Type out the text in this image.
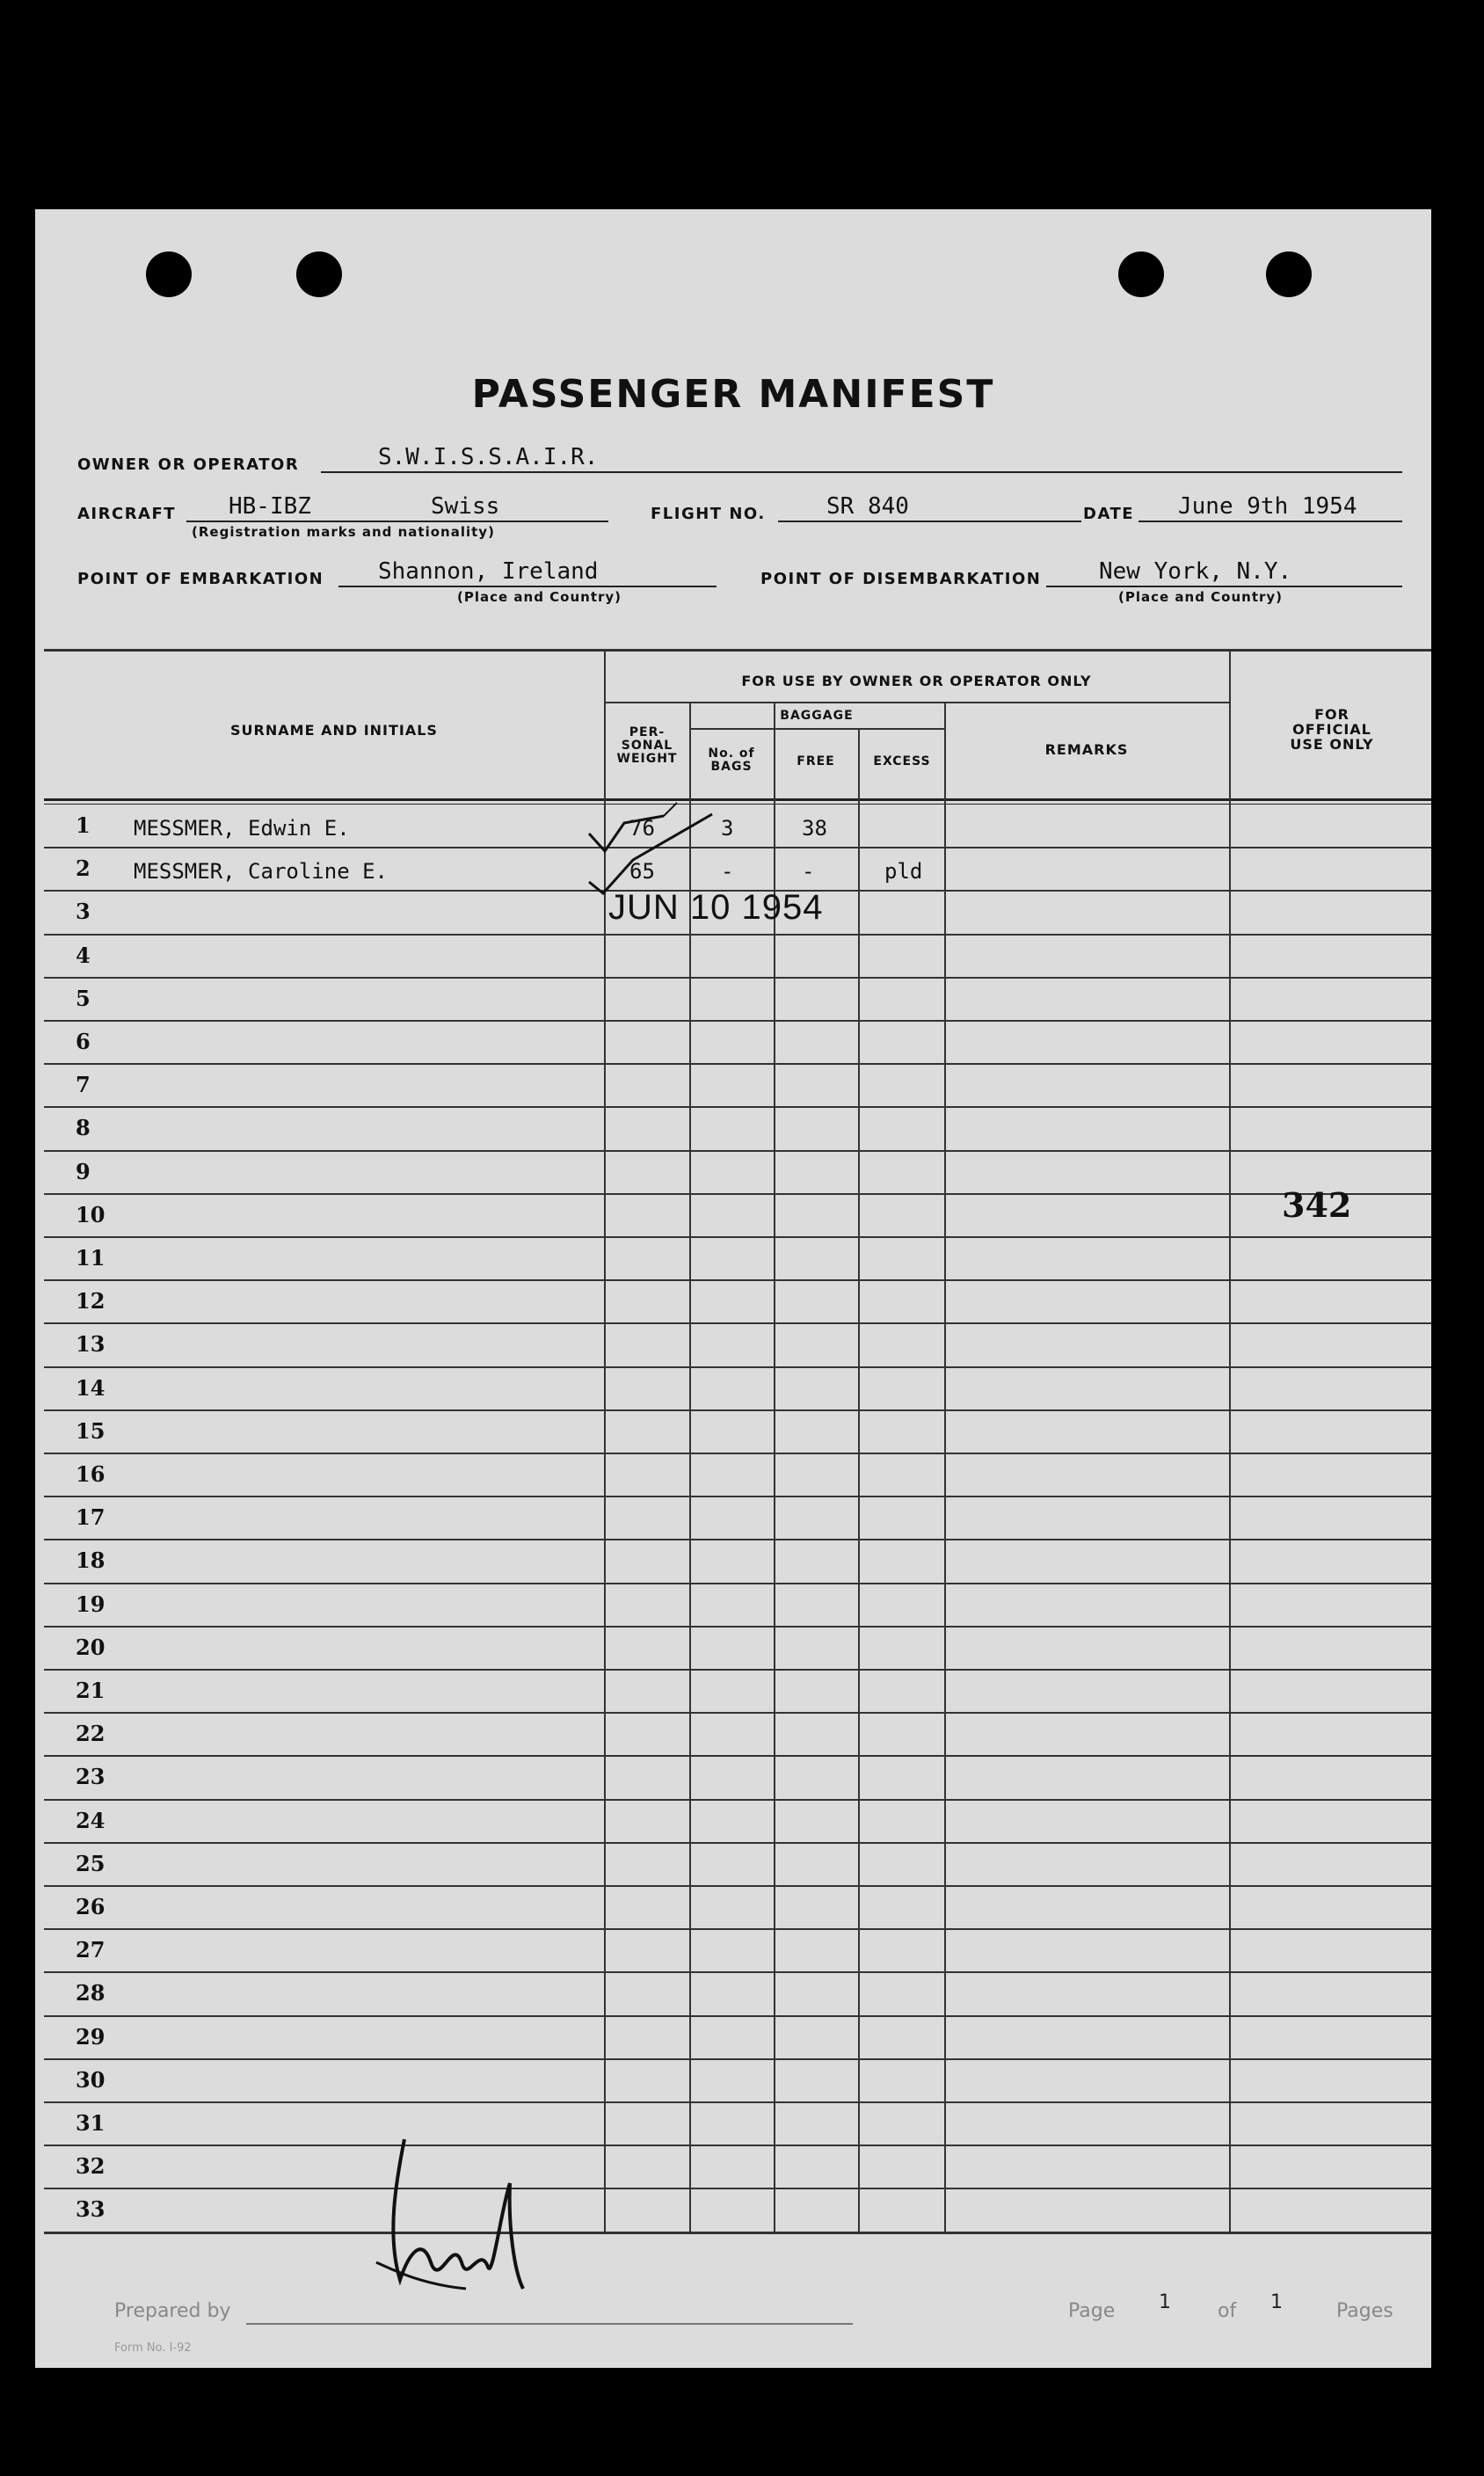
PASSENGER MANIFEST
OWNER OR OPERATOR	S.W.I.S.S.A.I.R.
AIRCRAFT HB-IBZ	Swiss
(Registration marks and nationality)
FLIGHT NO.	SR 840	DATE June 9th 1954
POINT OF EMBARKATION Shannon, Ireland
(Place and Country)
POINT OF DISEMBARKATION	New York, N.Y.
(Place and Country)
SURNAME AND INITIALS
FOR USE BY OWNER OR OPERATOR ONLY
PER-SONAL WEIGHT
BAGGAGE
No. of BAGS	FREE	EXCESS
REMARKS
FOR OFFICIAL USE ONLY
1	MESSMER, Edwin E.	76	3	38
2	MESSMER, Caroline E.	65	-	-	pld
3
4
5
6
7
8
9
10
11
12
13
14
15
16
17
18
19
20
21
22
23
24
25
26
27
28
29
30
31
32
33
JUN 10 1954
342
Prepared by	Page 1 of 1	Pages
Form No. I-92
